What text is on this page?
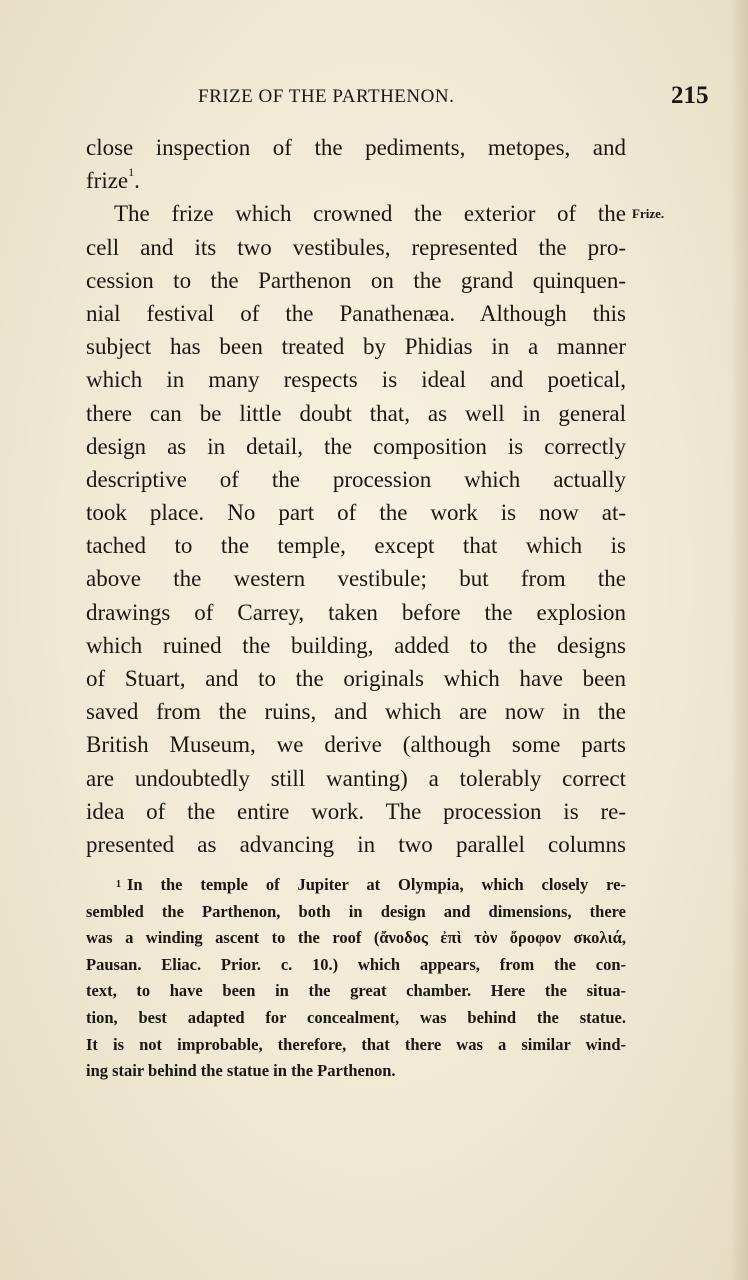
FRIZE OF THE PARTHENON.	215
Frize.
close inspection of the pediments, metopes, and
frize$^1$.
The frize which crowned the exterior of the
cell and its two vestibules, represented the pro-
cession to the Parthenon on the grand quinquen-
nial festival of the Panathenæa. Although this
subject has been treated by Phidias in a manner
which in many respects is ideal and poetical,
there can be little doubt that, as well in general
design as in detail, the composition is correctly
descriptive of the procession which actually
took place. No part of the work is now at-
tached to the temple, except that which is
above the western vestibule; but from the
drawings of Carrey, taken before the explosion
which ruined the building, added to the designs
of Stuart, and to the originals which have been
saved from the ruins, and which are now in the
British Museum, we derive (although some parts
are undoubtedly still wanting) a tolerably correct
idea of the entire work. The procession is re-
presented as advancing in two parallel columns
1 In the temple of Jupiter at Olympia, which closely re-
sembled the Parthenon, both in design and dimensions, there
was a winding ascent to the roof (ἄνοδος ἐπὶ τὸν ὄροφον σκολιά,
Pausan. Eliac. Prior. c. 10.) which appears, from the con-
text, to have been in the great chamber. Here the situa-
tion, best adapted for concealment, was behind the statue.
It is not improbable, therefore, that there was a similar wind-
ing stair behind the statue in the Parthenon.
